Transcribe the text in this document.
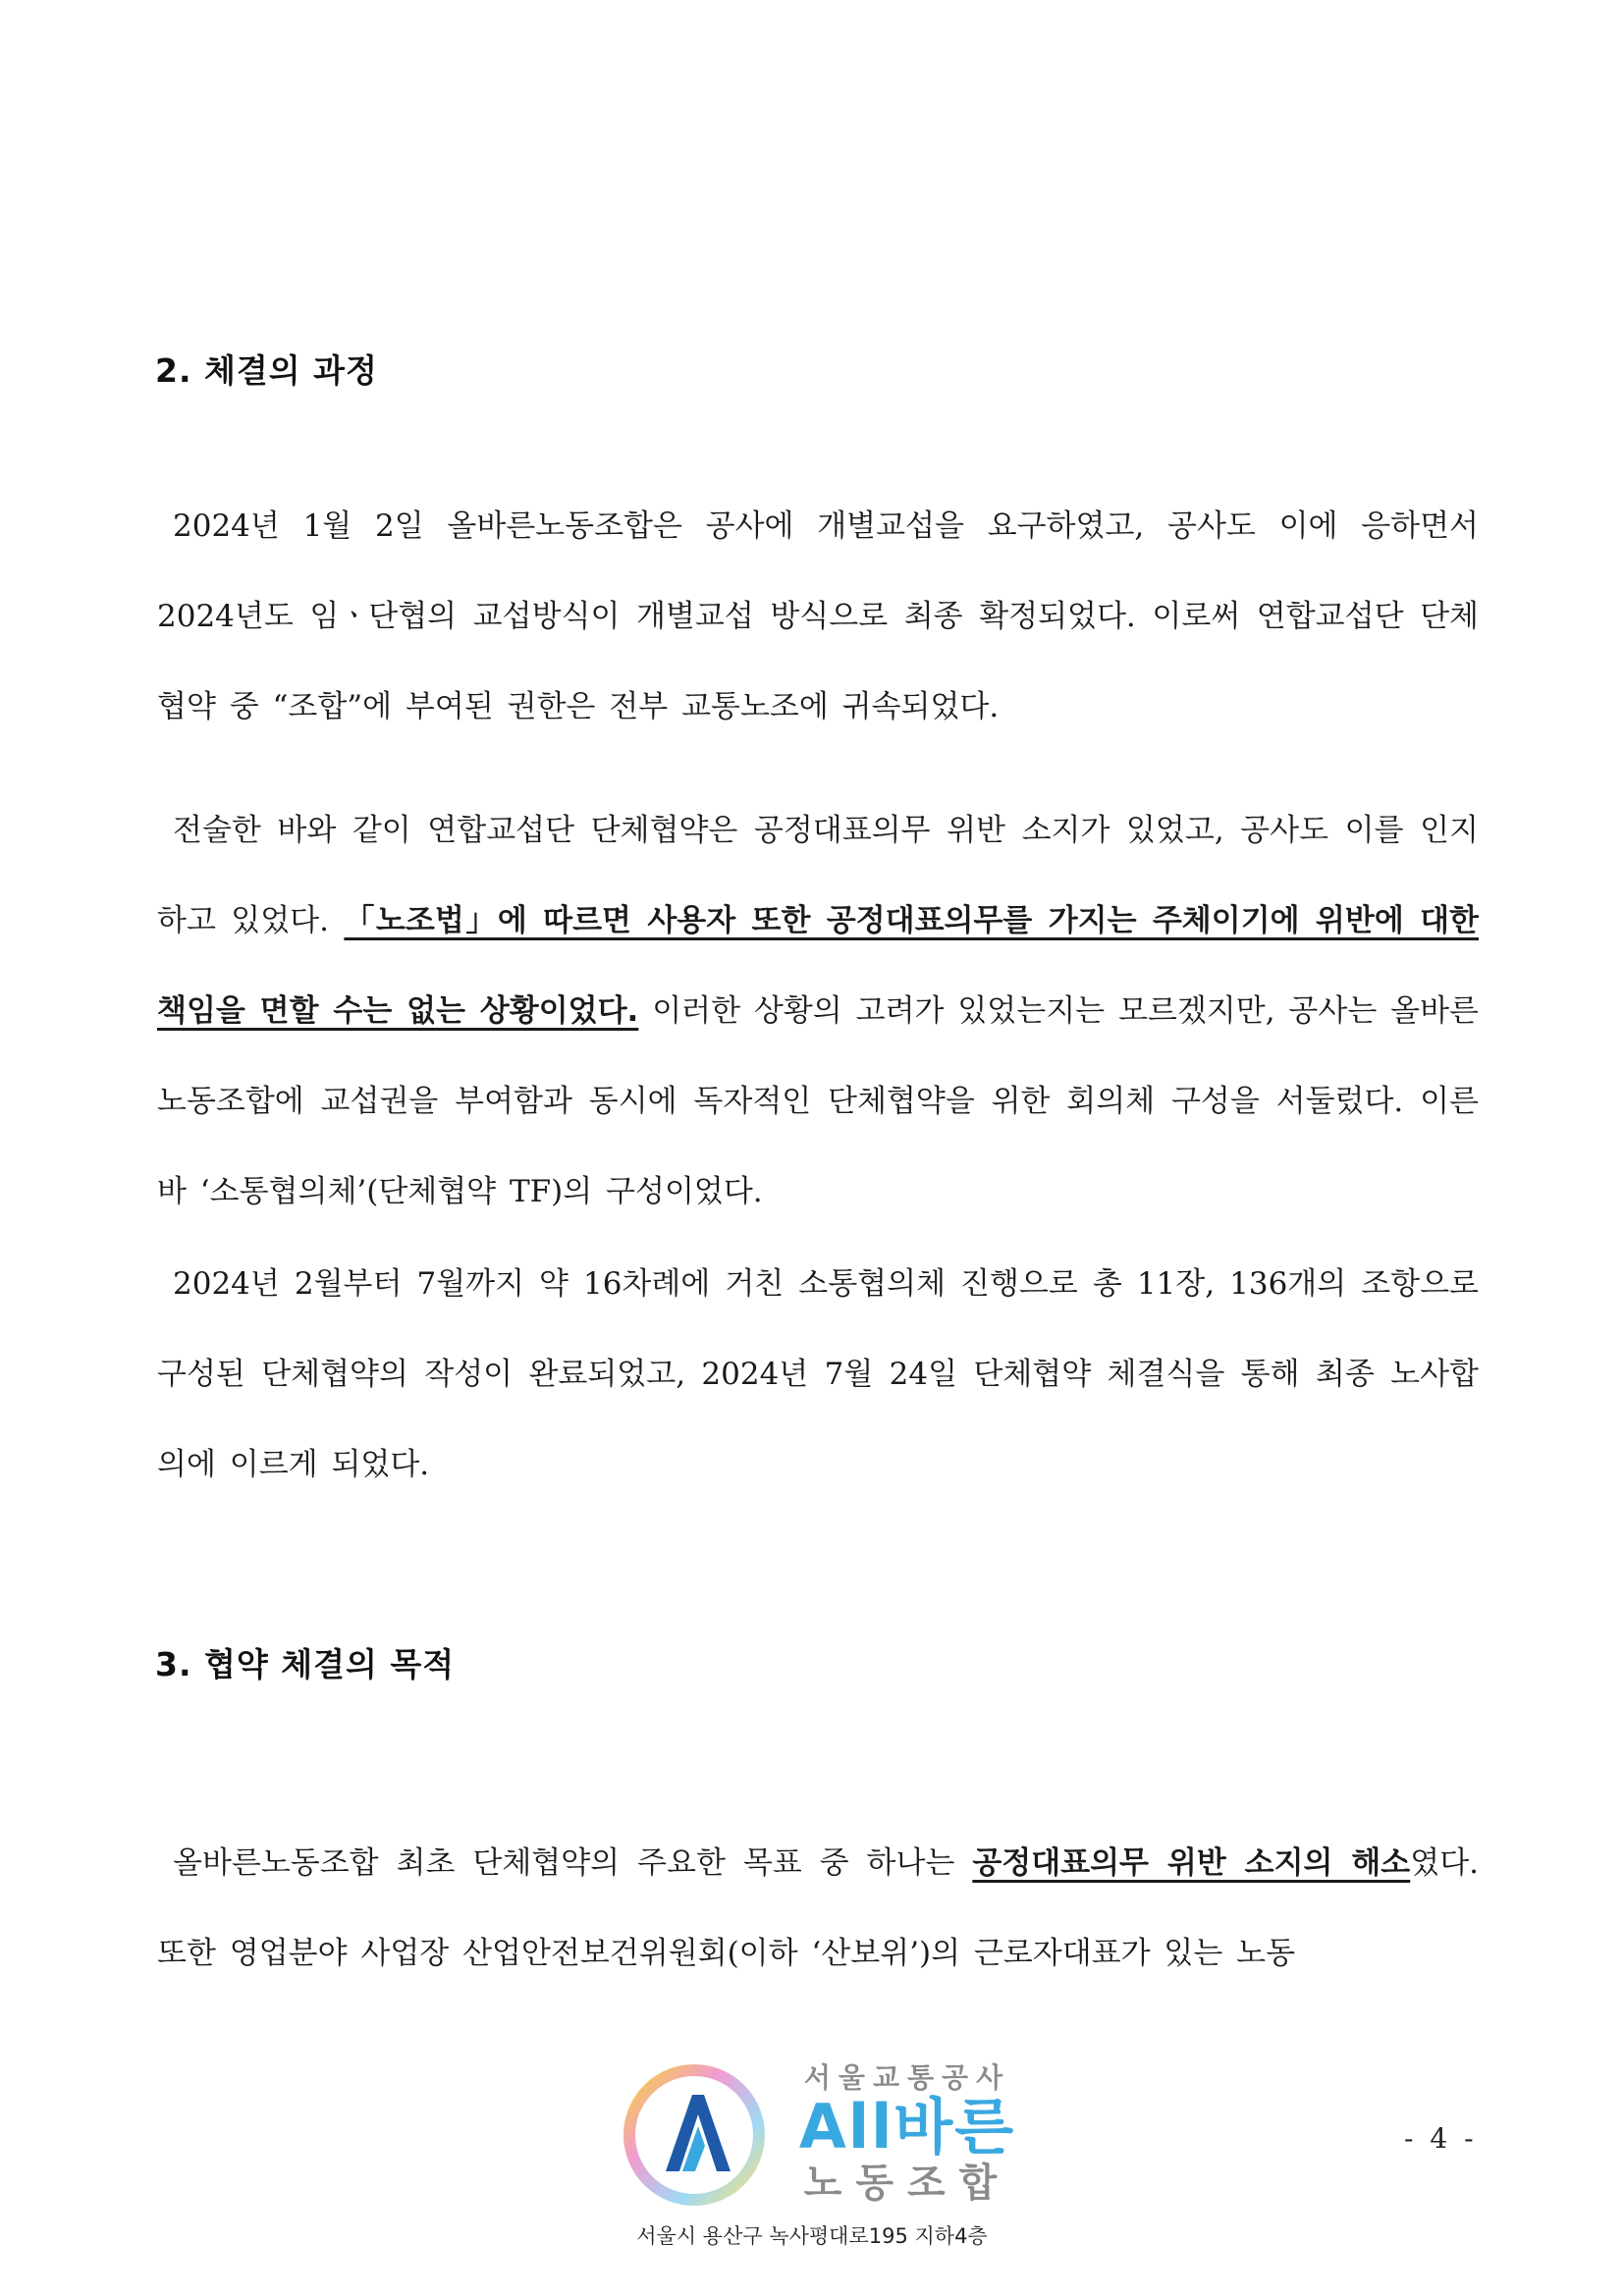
2. 체결의 과정

2024년 1월 2일 올바른노동조합은 공사에 개별교섭을 요구하였고, 공사도 이에 응하면서 2024년도 임ㆍ단협의 교섭방식이 개별교섭 방식으로 최종 확정되었다. 이로써 연합교섭단 단체협약 중 “조합”에 부여된 권한은 전부 교통노조에 귀속되었다.

전술한 바와 같이 연합교섭단 단체협약은 공정대표의무 위반 소지가 있었고, 공사도 이를 인지하고 있었다. 「노조법」에 따르면 사용자 또한 공정대표의무를 가지는 주체이기에 위반에 대한 책임을 면할 수는 없는 상황이었다. 이러한 상황의 고려가 있었는지는 모르겠지만, 공사는 올바른노동조합에 교섭권을 부여함과 동시에 독자적인 단체협약을 위한 회의체 구성을 서둘렀다. 이른바 ‘소통협의체’(단체협약 TF)의 구성이었다.

2024년 2월부터 7월까지 약 16차례에 거친 소통협의체 진행으로 총 11장, 136개의 조항으로 구성된 단체협약의 작성이 완료되었고, 2024년 7월 24일 단체협약 체결식을 통해 최종 노사합의에 이르게 되었다.

3. 협약 체결의 목적

올바른노동조합 최초 단체협약의 주요한 목표 중 하나는 공정대표의무 위반 소지의 해소였다. 또한 영업분야 사업장 산업안전보건위원회(이하 ‘산보위’)의 근로자대표가 있는 노동

서울교통공사
All바른
노동조합
- 4 -
서울시 용산구 녹사평대로195 지하4층
